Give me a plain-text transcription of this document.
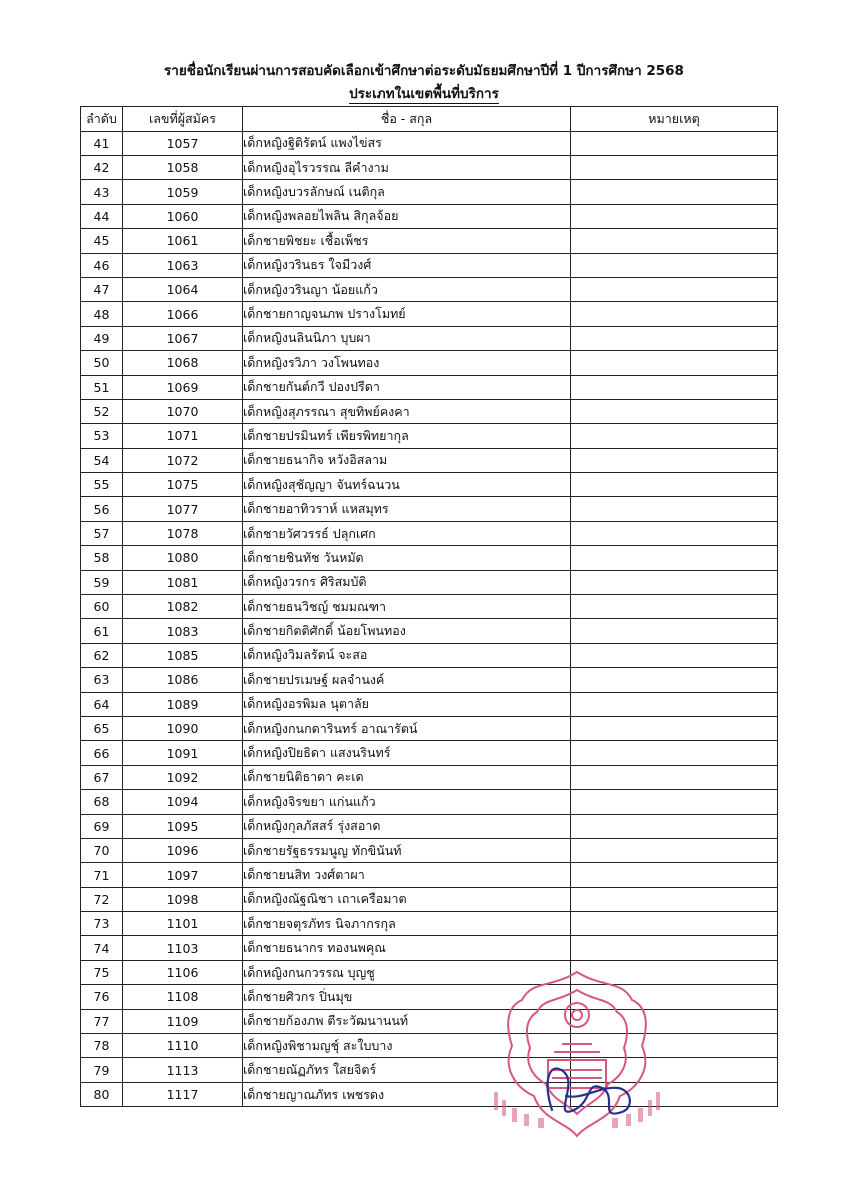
รายชื่อนักเรียนผ่านการสอบคัดเลือกเข้าศึกษาต่อระดับมัธยมศึกษาปีที่ 1 ปีการศึกษา 2568
ประเภทในเขตพื้นที่บริการ
ลำดับ	เลขที่ผู้สมัคร	ชื่อ - สกุล	หมายเหตุ
41	1057	เด็กหญิงฐิติรัตน์ แพงไข่สร	
42	1058	เด็กหญิงอุไรวรรณ ลีคำงาม	
43	1059	เด็กหญิงบวรลักษณ์ เนติกุล	
44	1060	เด็กหญิงพลอยไพลิน สิกุลจ้อย	
45	1061	เด็กชายพิชยะ เชื้อเพ็ชร	
46	1063	เด็กหญิงวรินธร ใจมีวงศ์	
47	1064	เด็กหญิงวรินญา น้อยแก้ว	
48	1066	เด็กชายกาญจนภพ ปรางโมทย์	
49	1067	เด็กหญิงนลินนิภา บุบผา	
50	1068	เด็กหญิงรวิภา วงโพนทอง	
51	1069	เด็กชายกันต์กวี ปองปรีดา	
52	1070	เด็กหญิงสุภรรณา สุขทิพย์คงคา	
53	1071	เด็กชายปรมินทร์ เพียรพิทยากุล	
54	1072	เด็กชายธนากิจ หวังอิสลาม	
55	1075	เด็กหญิงสุชัญญา จันทร์ฉนวน	
56	1077	เด็กชายอาทิวราห์ แหสมุทร	
57	1078	เด็กชายวัศวรรธ์ ปลุกเศก	
58	1080	เด็กชายชินทัช วันหมัด	
59	1081	เด็กหญิงวรกร ศิริสมบัติ	
60	1082	เด็กชายธนวิชญ์ ชมมณฑา	
61	1083	เด็กชายกิตติศักดิ์ น้อยโพนทอง	
62	1085	เด็กหญิงวิมลรัตน์ จะสอ	
63	1086	เด็กชายปรเมษฐ์ ผลจำนงค์	
64	1089	เด็กหญิงอรพิมล นุตาลัย	
65	1090	เด็กหญิงกนกดารินทร์ อาณารัตน์	
66	1091	เด็กหญิงปิยธิดา แสงนรินทร์	
67	1092	เด็กชายนิติธาดา คะเด	
68	1094	เด็กหญิงจิรขยา แก่นแก้ว	
69	1095	เด็กหญิงกุลภัสสร์ รุ่งสอาด	
70	1096	เด็กชายรัฐธรรมนูญ ทักขินันท์	
71	1097	เด็กชายนสิท วงศ์ตาผา	
72	1098	เด็กหญิงณัฐณิชา เถาเครือมาต	
73	1101	เด็กชายจตุรภัทร นิจภากรกุล	
74	1103	เด็กชายธนากร ทองนพคุณ	
75	1106	เด็กหญิงกนกวรรณ บุญชู	
76	1108	เด็กชายศิวกร ปิ่นมุข	
77	1109	เด็กชายก้องภพ ตีระวัฒนานนท์	
78	1110	เด็กหญิงพิชามญชุ์ สะใบบาง	
79	1113	เด็กชายณัฏภัทร ใสยจิตร์	
80	1117	เด็กชายญาณภัทร เพชรดง	
